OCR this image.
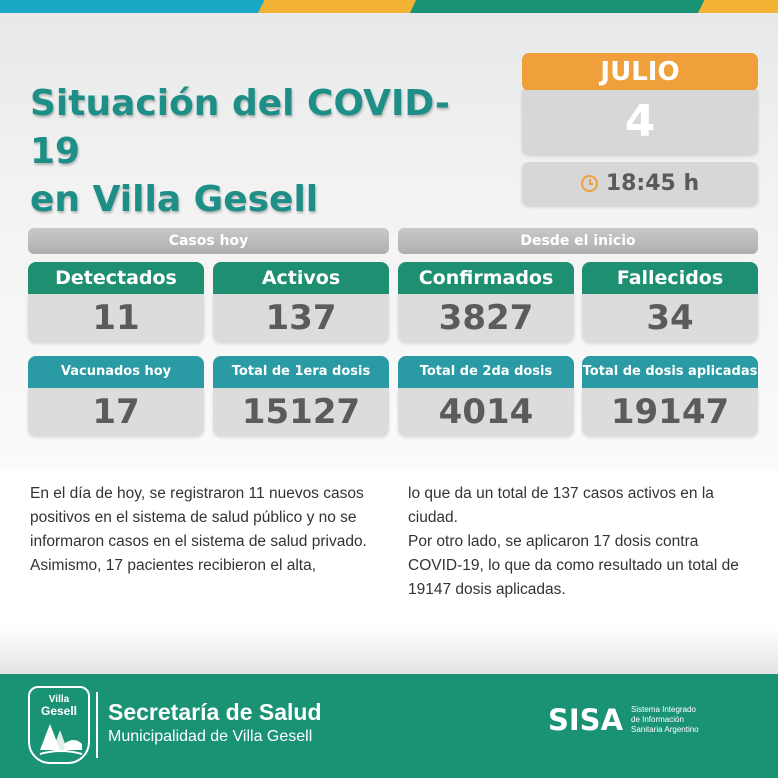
Situación del COVID-19
en Villa Gesell
JULIO
4
18:45 h
Casos hoy	Desde el inicio
Detectados
11
Activos
137
Confirmados
3827
Fallecidos
34
Vacunados hoy
17
Total de 1era dosis
15127
Total de 2da dosis
4014
Total de dosis aplicadas
19147
En el día de hoy, se registraron 11 nuevos casos positivos en el sistema de salud público y no se informaron casos en el sistema de salud privado. Asimismo, 17 pacientes recibieron el alta,
lo que da un total de 137 casos activos en la ciudad.
Por otro lado, se aplicaron 17 dosis contra COVID-19, lo que da como resultado un total de 19147 dosis aplicadas.
Villa
Gesell	Secretaría de Salud
Municipalidad de Villa Gesell	SISA Sistema Integrado
de Información
Sanitaria Argentino
